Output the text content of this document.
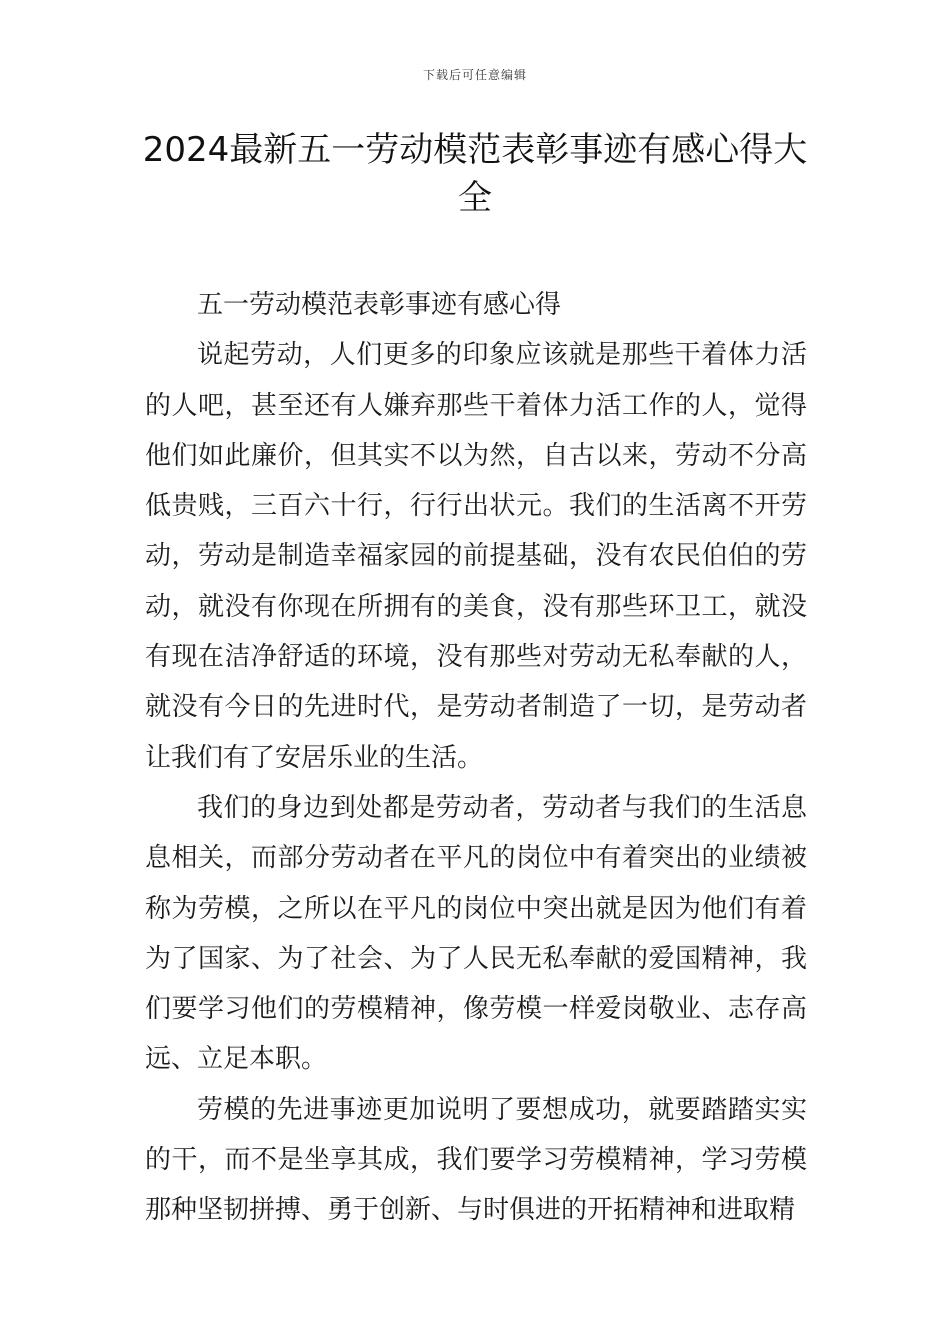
下载后可任意编辑
2024最新五一劳动模范表彰事迹有感心得大全

五一劳动模范表彰事迹有感心得

说起劳动，人们更多的印象应该就是那些干着体力活的人吧，甚至还有人嫌弃那些干着体力活工作的人，觉得他们如此廉价，但其实不以为然，自古以来，劳动不分高低贵贱，三百六十行，行行出状元。我们的生活离不开劳动，劳动是制造幸福家园的前提基础，没有农民伯伯的劳动，就没有你现在所拥有的美食，没有那些环卫工，就没有现在洁净舒适的环境，没有那些对劳动无私奉献的人，就没有今日的先进时代，是劳动者制造了一切，是劳动者让我们有了安居乐业的生活。

我们的身边到处都是劳动者，劳动者与我们的生活息息相关，而部分劳动者在平凡的岗位中有着突出的业绩被称为劳模，之所以在平凡的岗位中突出就是因为他们有着为了国家、为了社会、为了人民无私奉献的爱国精神，我们要学习他们的劳模精神，像劳模一样爱岗敬业、志存高远、立足本职。

劳模的先进事迹更加说明了要想成功，就要踏踏实实的干，而不是坐享其成，我们要学习劳模精神，学习劳模那种坚韧拼搏、勇于创新、与时俱进的开拓精神和进取精
